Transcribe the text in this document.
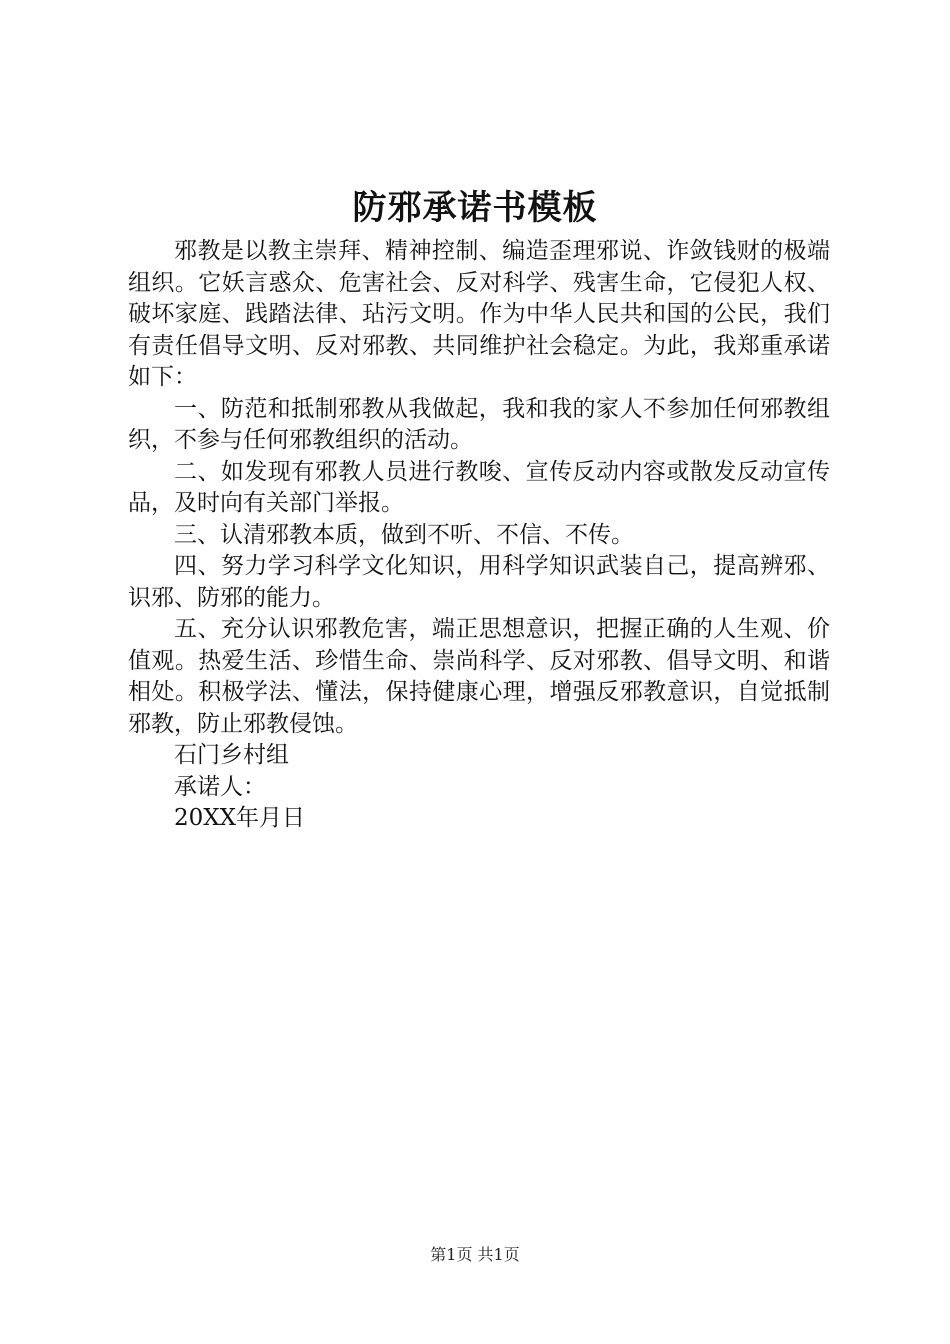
防邪承诺书模板

邪教是以教主崇拜、精神控制、编造歪理邪说、诈敛钱财的极端组织。它妖言惑众、危害社会、反对科学、残害生命，它侵犯人权、破坏家庭、践踏法律、玷污文明。作为中华人民共和国的公民，我们有责任倡导文明、反对邪教、共同维护社会稳定。为此，我郑重承诺如下：

一、防范和抵制邪教从我做起，我和我的家人不参加任何邪教组织，不参与任何邪教组织的活动。

二、如发现有邪教人员进行教唆、宣传反动内容或散发反动宣传品，及时向有关部门举报。

三、认清邪教本质，做到不听、不信、不传。

四、努力学习科学文化知识，用科学知识武装自己，提高辨邪、识邪、防邪的能力。

五、充分认识邪教危害，端正思想意识，把握正确的人生观、价值观。热爱生活、珍惜生命、崇尚科学、反对邪教、倡导文明、和谐相处。积极学法、懂法，保持健康心理，增强反邪教意识，自觉抵制邪教，防止邪教侵蚀。

石门乡村组

承诺人：

20XX年月日

第1页 共1页
